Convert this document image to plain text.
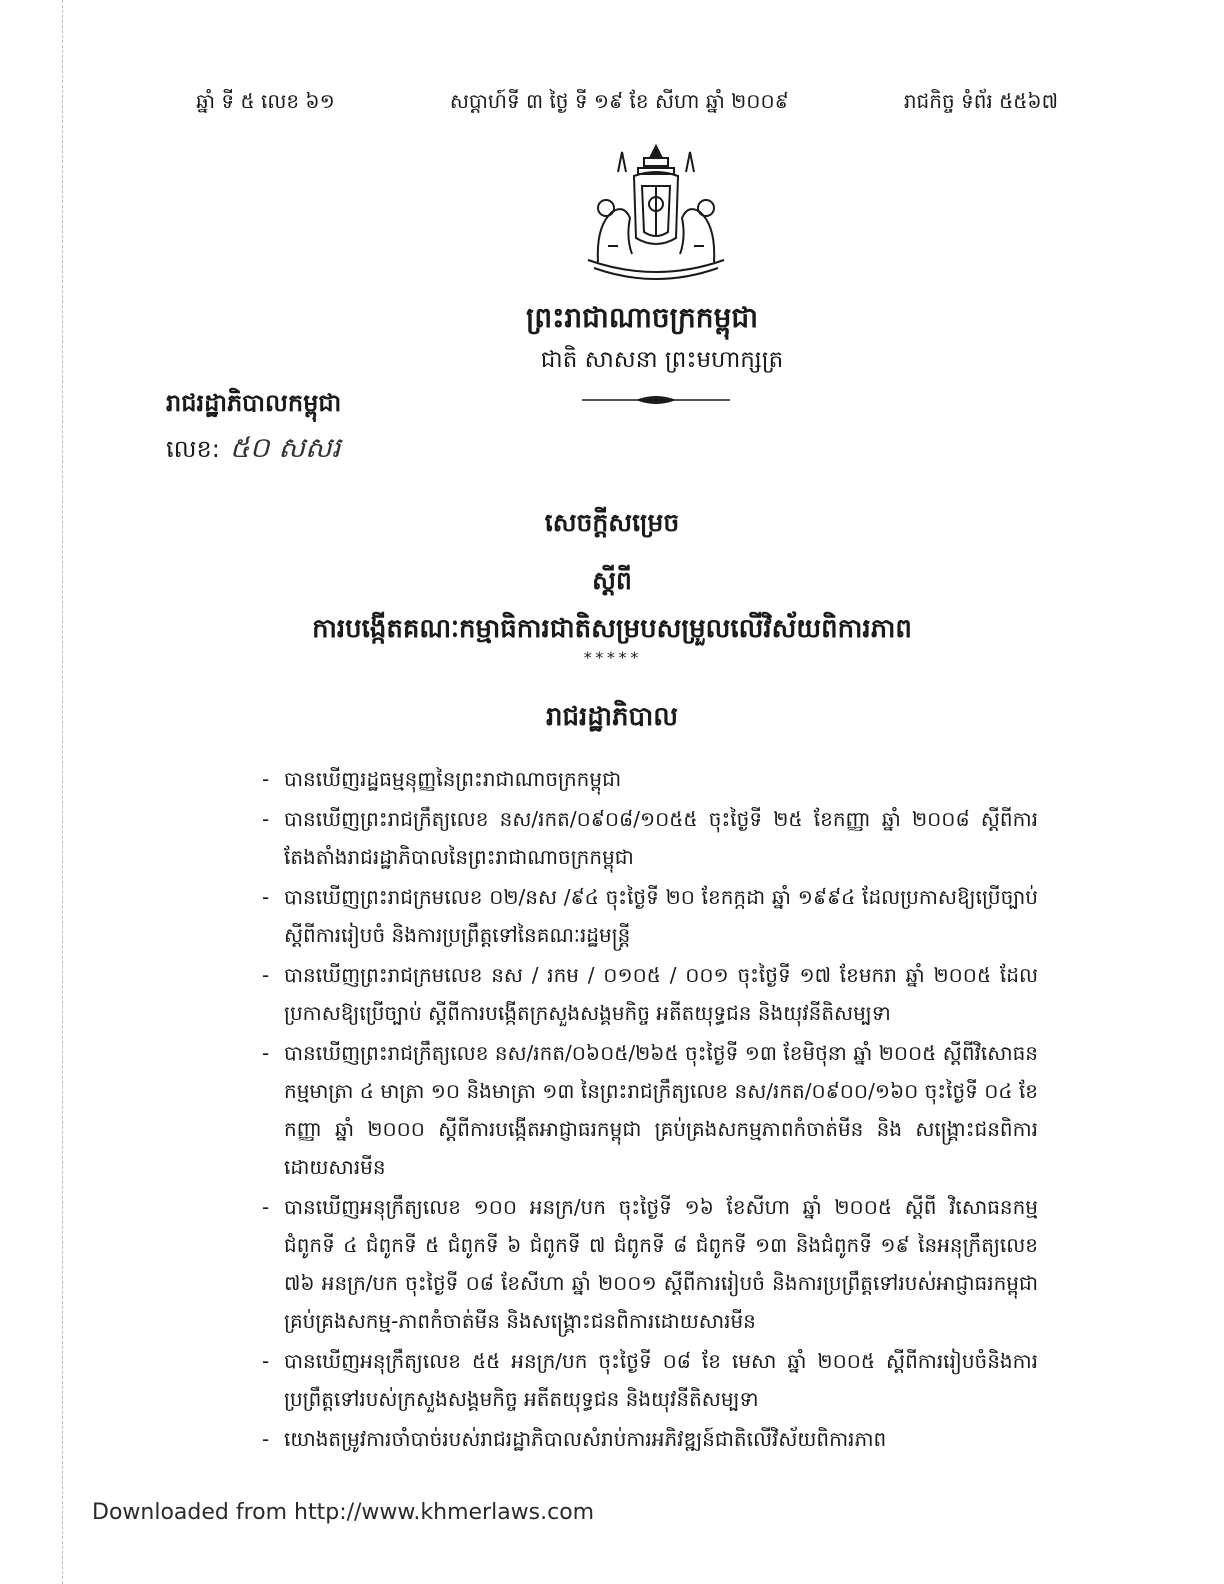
ឆ្នាំ ទី ៥ លេខ ៦១	សប្តាហ៍ទី ៣ ថ្ងៃ ទី ១៩ ខែ សីហា ឆ្នាំ ២០០៩	រាជកិច្ច ទំព័រ ៥៥៦៧
ព្រះរាជាណាចក្រកម្ពុជា
ជាតិ សាសនា ព្រះមហាក្សត្រ
រាជរដ្ឋាភិបាលកម្ពុជា
លេខ: ៥០ សសរ
សេចក្តីសម្រេច
ស្តីពី
ការបង្កើតគណៈកម្មាធិការជាតិសម្របសម្រួលលើវិស័យពិការភាព
*****
រាជរដ្ឋាភិបាល
- បានឃើញរដ្ឋធម្មនុញ្ញនៃព្រះរាជាណាចក្រកម្ពុជា
- បានឃើញព្រះរាជក្រឹត្យលេខ នស/រកត/០៩០៨/១០៥៥ ចុះថ្ងៃទី ២៥ ខែកញ្ញា ឆ្នាំ ២០០៨ ស្តីពីការតែងតាំងរាជរដ្ឋាភិបាលនៃព្រះរាជាណាចក្រកម្ពុជា
- បានឃើញព្រះរាជក្រមលេខ ០២/នស /៩៤ ចុះថ្ងៃទី ២០ ខែកក្កដា ឆ្នាំ ១៩៩៤ ដែលប្រកាសឱ្យប្រើច្បាប់ស្តីពីការរៀបចំ និងការប្រព្រឹត្តទៅនៃគណៈរដ្ឋមន្ត្រី
- បានឃើញព្រះរាជក្រមលេខ នស / រកម / ០១០៥ / ០០១ ចុះថ្ងៃទី ១៧ ខែមករា ឆ្នាំ ២០០៥ ដែលប្រកាសឱ្យប្រើច្បាប់ ស្តីពីការបង្កើតក្រសួងសង្គមកិច្ច អតីតយុទ្ធជន និងយុវនីតិសម្បទា
- បានឃើញព្រះរាជក្រឹត្យលេខ នស/រកត/០៦០៥/២៦៥ ចុះថ្ងៃទី ១៣ ខែមិថុនា ឆ្នាំ ២០០៥ ស្តីពីវិសោធនកម្មមាត្រា ៤ មាត្រា ១០ និងមាត្រា ១៣ នៃព្រះរាជក្រឹត្យលេខ នស/រកត/០៩០០/១៦០ ចុះថ្ងៃទី ០៤ ខែកញ្ញា ឆ្នាំ ២០០០ ស្តីពីការបង្កើតអាជ្ញាធរកម្ពុជា គ្រប់គ្រងសកម្មភាពកំចាត់មីន និង សង្គ្រោះជនពិការដោយសារមីន
- បានឃើញអនុក្រឹត្យលេខ ១០០ អនក្រ/បក ចុះថ្ងៃទី ១៦ ខែសីហា ឆ្នាំ ២០០៥ ស្តីពី វិសោធនកម្ម ជំពូកទី ៤ ជំពូកទី ៥ ជំពូកទី ៦ ជំពូកទី ៧ ជំពូកទី ៨ ជំពូកទី ១៣ និងជំពូកទី ១៩ នៃអនុក្រឹត្យលេខ ៧៦ អនក្រ/បក ចុះថ្ងៃទី ០៨ ខែសីហា ឆ្នាំ ២០០១ ស្តីពីការរៀបចំ និងការប្រព្រឹត្តទៅរបស់អាជ្ញាធរកម្ពុជា គ្រប់គ្រងសកម្ម-ភាពកំចាត់មីន និងសង្គ្រោះជនពិការដោយសារមីន
- បានឃើញអនុក្រឹត្យលេខ ៥៥ អនក្រ/បក ចុះថ្ងៃទី ០៨ ខែ មេសា ឆ្នាំ ២០០៥ ស្តីពីការរៀបចំនិងការប្រព្រឹត្តទៅរបស់ក្រសួងសង្គមកិច្ច អតីតយុទ្ធជន និងយុវនីតិសម្បទា
- យោងតម្រូវការចាំបាច់របស់រាជរដ្ឋាភិបាលសំរាប់ការអភិវឌ្ឍន៍ជាតិលើវិស័យពិការភាព
Downloaded from http://www.khmerlaws.com
